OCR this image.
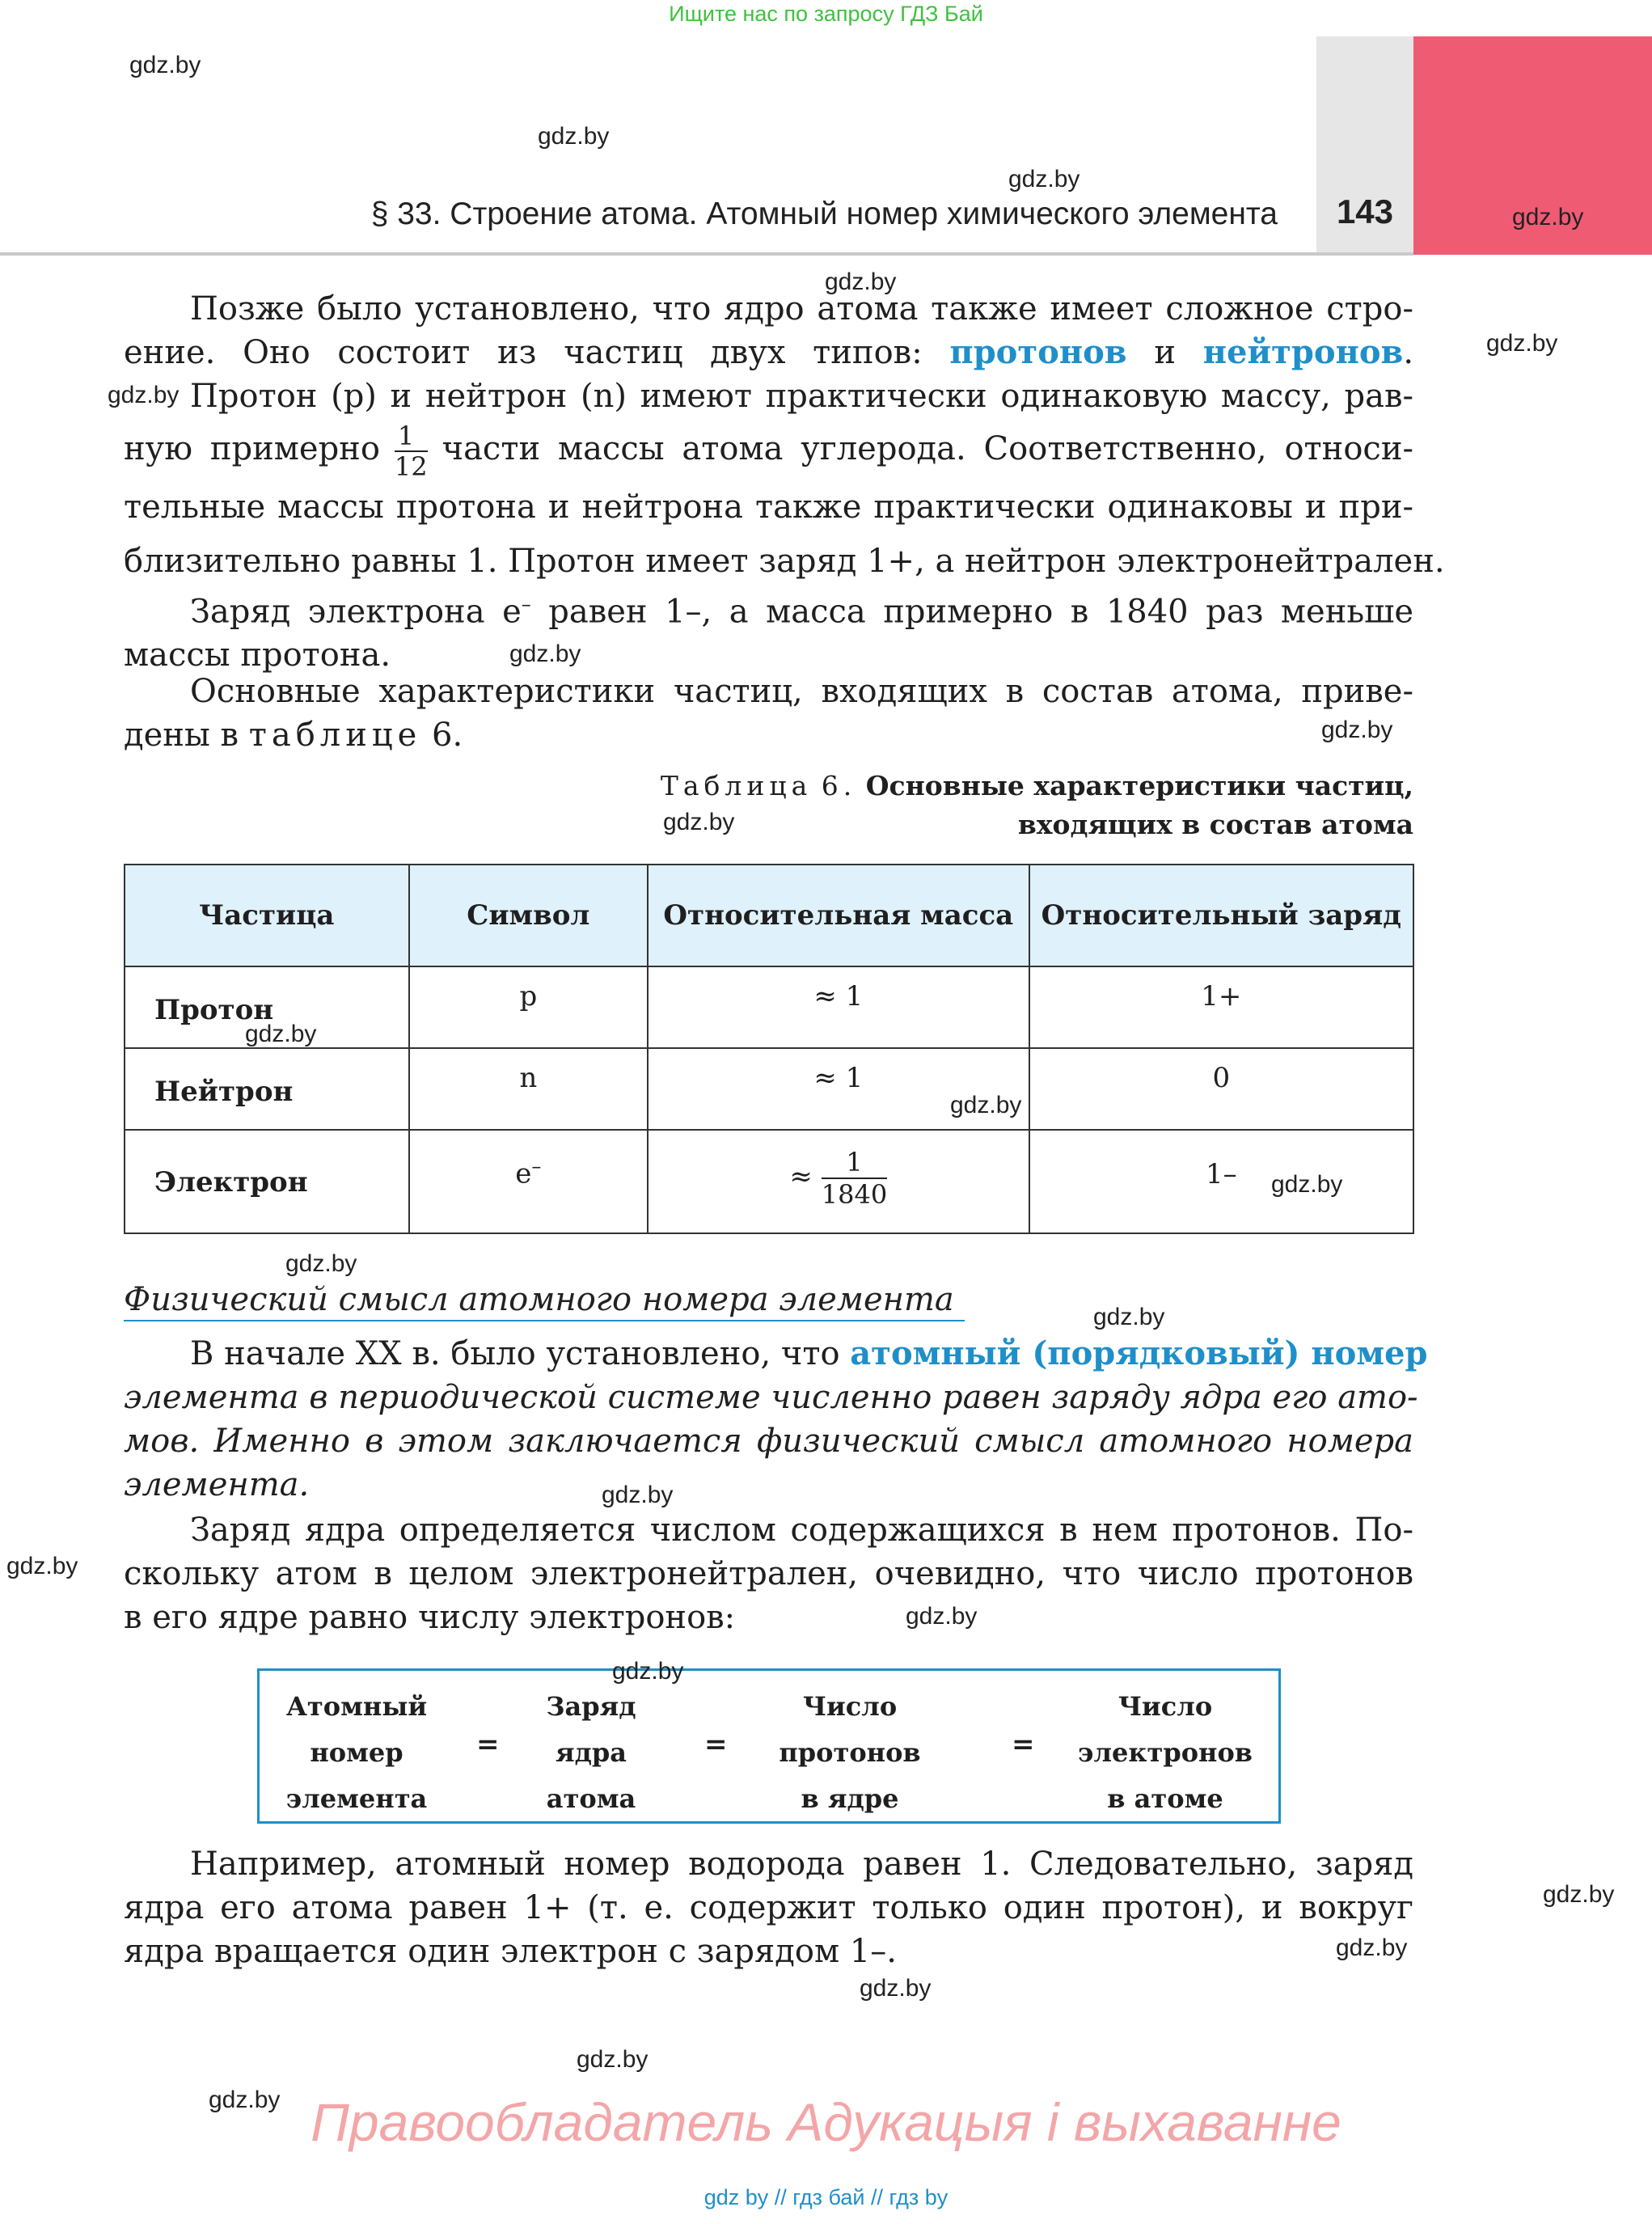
Ищите нас по запросу ГДЗ Бай
§ 33. Строение атома. Атомный номер химического элемента	143
Позже было установлено, что ядро атома также имеет сложное стро-
ение. Оно состоит из частиц двух типов: протонов и нейтронов.
Протон (p) и нейтрон (n) имеют практически одинаковую массу, рав-
ную примерно $\frac{1}{12}$ части массы атома углерода. Соответственно, относи-
тельные массы протона и нейтрона также практически одинаковы и при-
близительно равны 1. Протон имеет заряд 1+, а нейтрон электронейтрален.
Заряд электрона e– равен 1–, а масса примерно в 1840 раз меньше
массы протона.
Основные характеристики частиц, входящих в состав атома, приве-
дены в таблице 6.
Таблица 6. Основные характеристики частиц,
входящих в состав атома
Частица	Символ	Относительная масса	Относительный заряд
Протон	p	≈ 1	1+
Нейтрон	n	≈ 1	0
Электрон	e–	≈ $\frac{1}{1840}$	1–
Физический смысл атомного номера элемента
В начале XX в. было установлено, что атомный (порядковый) номер
элемента в периодической системе численно равен заряду ядра его ато-
мов. Именно в этом заключается физический смысл атомного номера
элемента.
Заряд ядра определяется числом содержащихся в нем протонов. По-
скольку атом в целом электронейтрален, очевидно, что число протонов
в его ядре равно числу электронов:
Атомный
номер
элемента
=
Заряд
ядра
атома
=
Число
протонов
в ядре
=
Число
электронов
в атоме
Например, атомный номер водорода равен 1. Следовательно, заряд
ядра его атома равен 1+ (т. е. содержит только один протон), и вокруг
ядра вращается один электрон с зарядом 1–.
gdz.by
gdz.by
gdz.by
gdz.by
gdz.by
gdz.by
gdz.by
gdz.by
gdz.by
gdz.by
gdz.by
gdz.by
gdz.by
gdz.by
gdz.by
gdz.by
gdz.by
gdz.by
gdz.by
gdz.by
gdz.by
gdz.by
gdz.by
gdz.by Правообладатель Адукацыя і выхаванне
gdz by // гдз бай // гдз by
